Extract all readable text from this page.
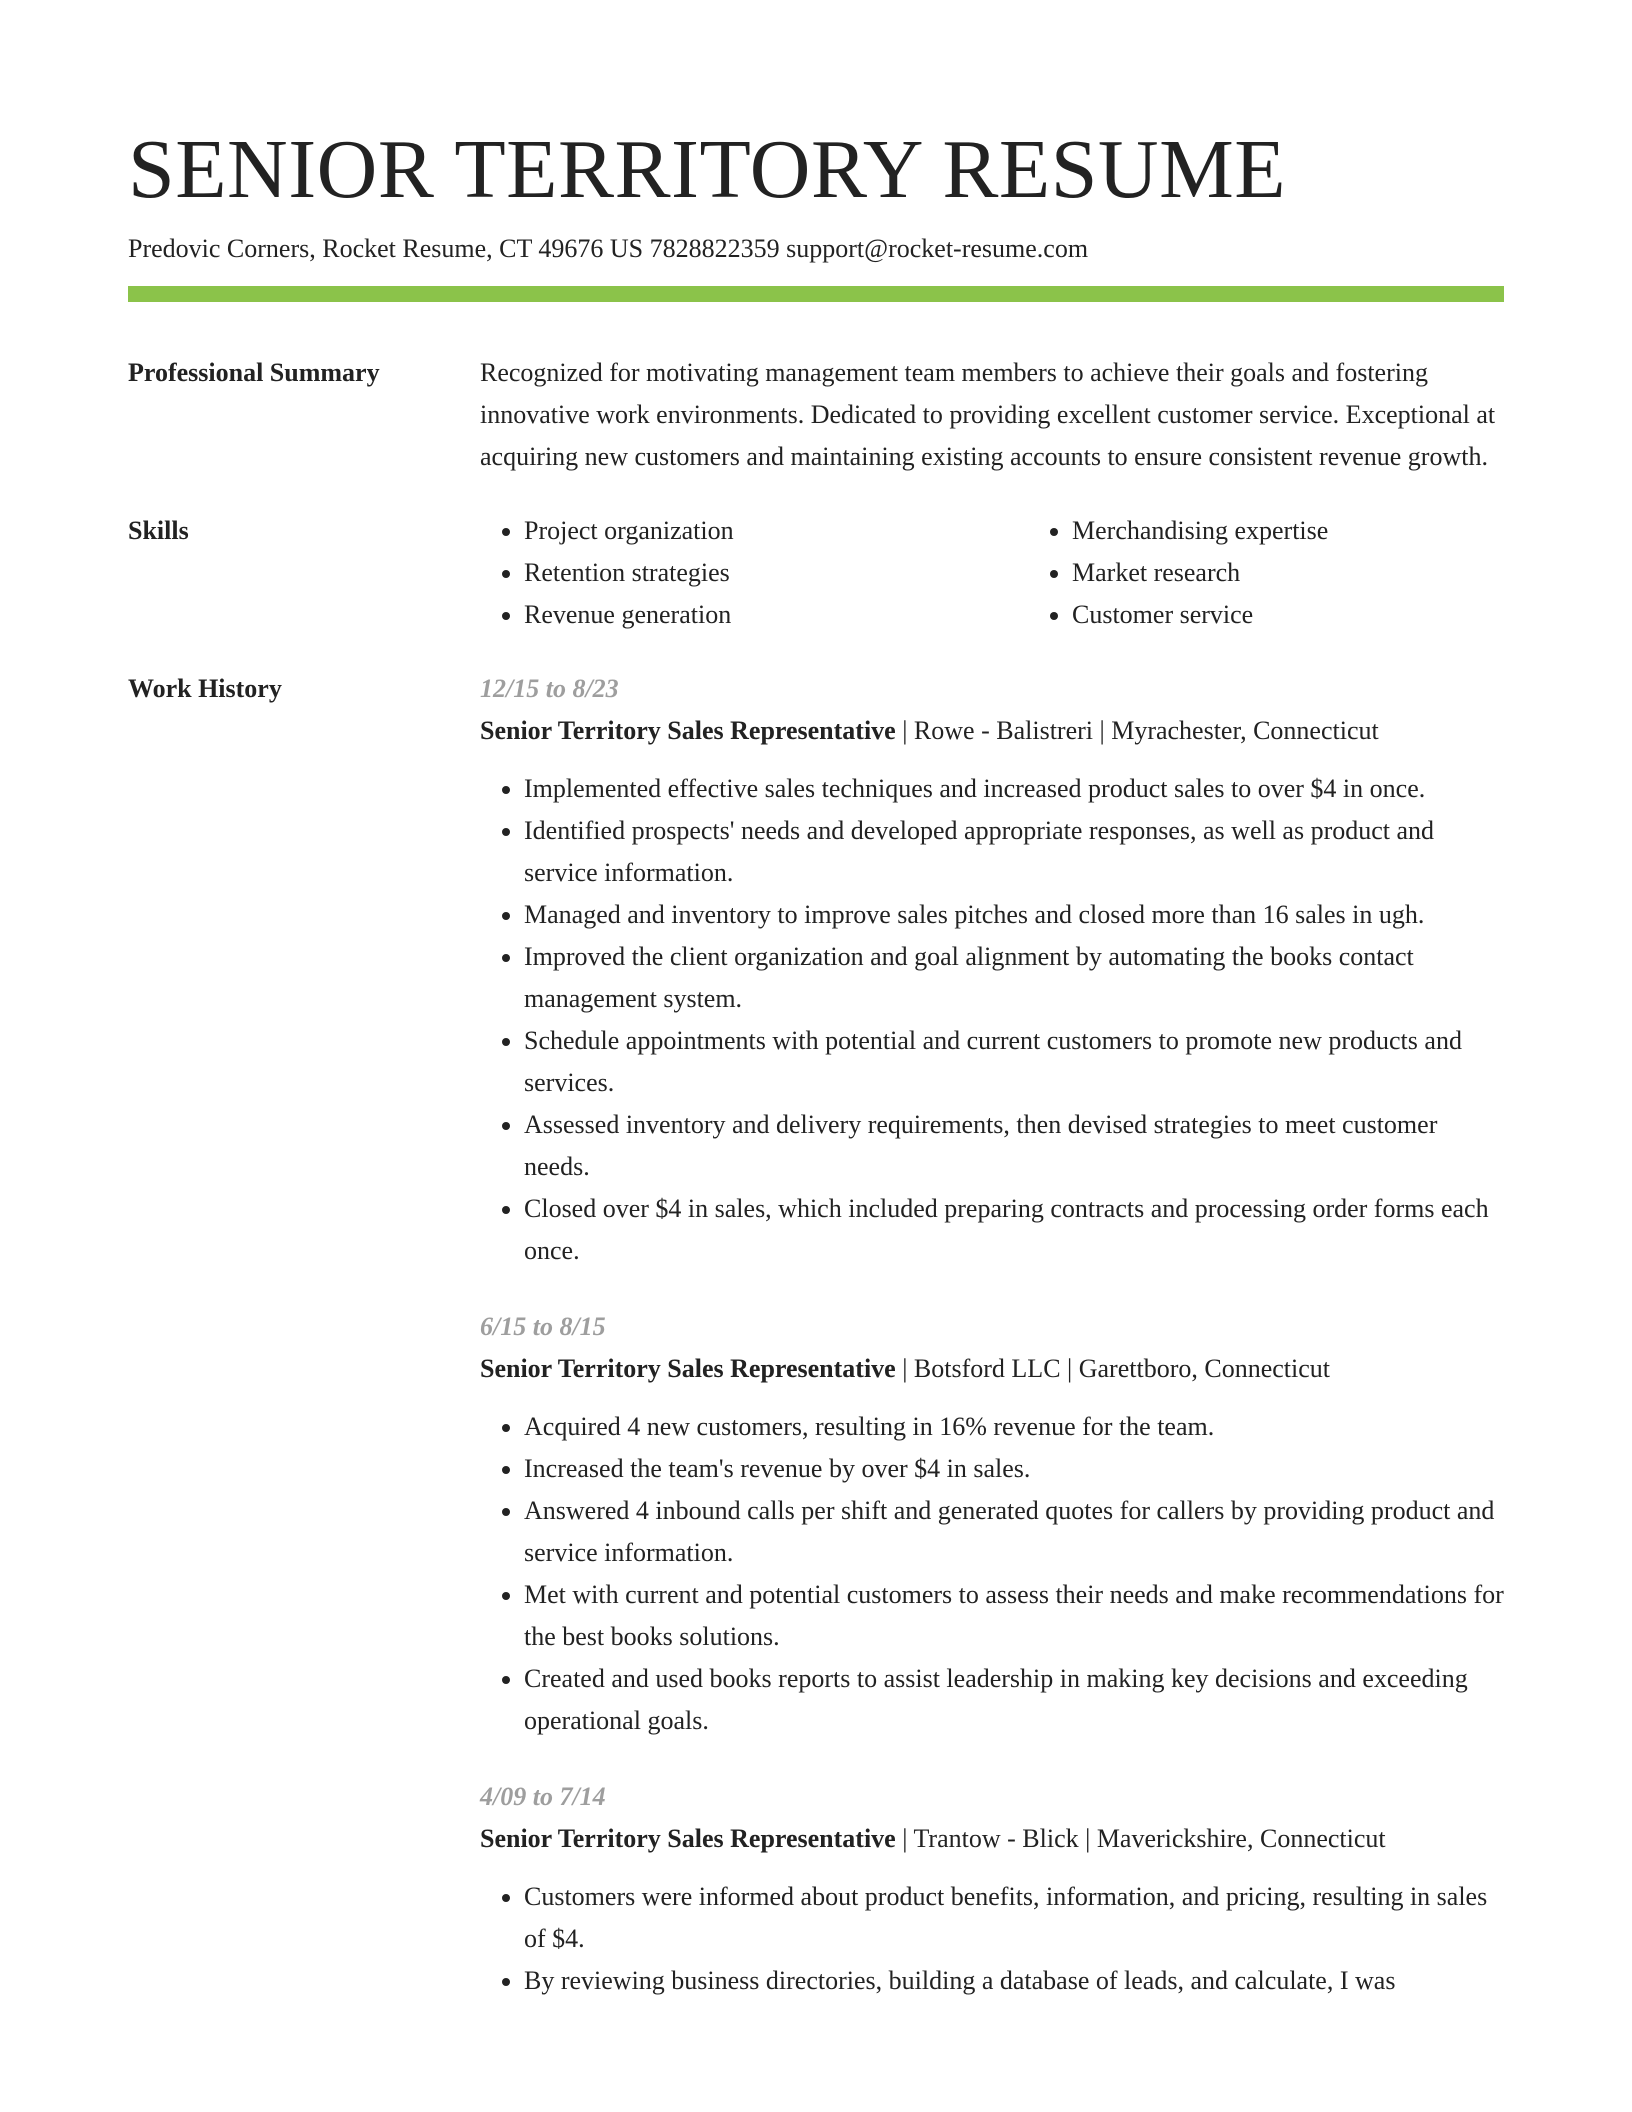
SENIOR TERRITORY RESUME
Predovic Corners, Rocket Resume, CT 49676 US 7828822359 support@rocket-resume.com
Professional Summary	Recognized for motivating management team members to achieve their goals and fostering innovative work environments. Dedicated to providing excellent customer service. Exceptional at acquiring new customers and maintaining existing accounts to ensure consistent revenue growth.

Skills
•	Project organization
• Retention strategies
• Revenue generation
• Merchandising expertise
• Market research
• Customer service
Work History	12/15 to 8/23
Senior Territory Sales Representative | Rowe - Balistreri | Myrachester, Connecticut
• Implemented effective sales techniques and increased product sales to over $4 in once.
• Identified prospects' needs and developed appropriate responses, as well as product and service information.
• Managed and inventory to improve sales pitches and closed more than 16 sales in ugh.
• Improved the client organization and goal alignment by automating the books contact management system.
• Schedule appointments with potential and current customers to promote new products and services.
• Assessed inventory and delivery requirements, then devised strategies to meet customer needs.
• Closed over $4 in sales, which included preparing contracts and processing order forms each once.
6/15 to 8/15
Senior Territory Sales Representative | Botsford LLC | Garettboro, Connecticut
• Acquired 4 new customers, resulting in 16% revenue for the team.
• Increased the team's revenue by over $4 in sales.
• Answered 4 inbound calls per shift and generated quotes for callers by providing product and service information.
• Met with current and potential customers to assess their needs and make recommendations for the best books solutions.
• Created and used books reports to assist leadership in making key decisions and exceeding operational goals.
4/09 to 7/14
Senior Territory Sales Representative | Trantow - Blick | Maverickshire, Connecticut
• Customers were informed about product benefits, information, and pricing, resulting in sales of $4.
• By reviewing business directories, building a database of leads, and calculate, I was
